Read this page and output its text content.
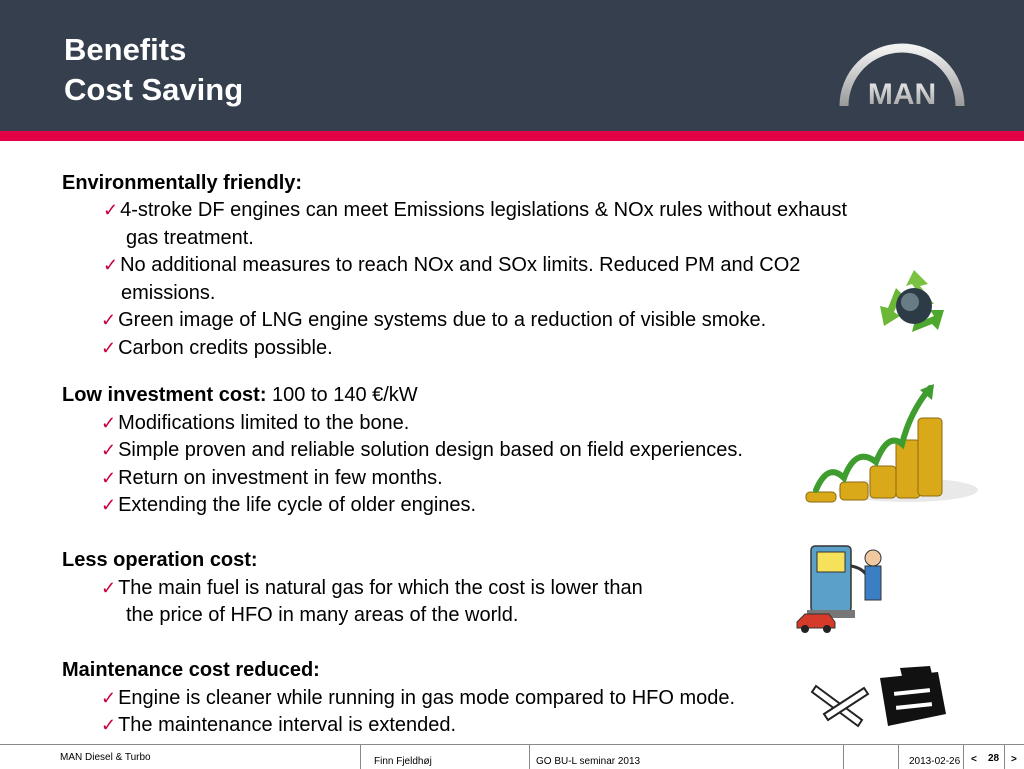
Benefits
Cost Saving	MAN
Environmentally friendly:
✓ 4-stroke DF engines can meet Emissions legislations & NOx rules without exhaust
gas treatment.
✓ No additional measures to reach NOx and SOx limits. Reduced PM and CO2
emissions.
✓ Green image of LNG engine systems due to a reduction of visible smoke.
✓ Carbon credits possible.
Low investment cost: 100 to 140 €/kW
✓ Modifications limited to the bone.
✓ Simple proven and reliable solution design based on field experiences.
✓ Return on investment in few months.
✓ Extending the life cycle of older engines.
Less operation cost:
✓ The main fuel is natural gas for which the cost is lower than
the price of HFO in many areas of the world.
Maintenance cost reduced:
✓ Engine is cleaner while running in gas mode compared to HFO mode.
✓ The maintenance interval is extended.
MAN Diesel & Turbo	Finn Fjeldhøj	GO BU-L seminar 2013	2013-02-26 < 28 >
